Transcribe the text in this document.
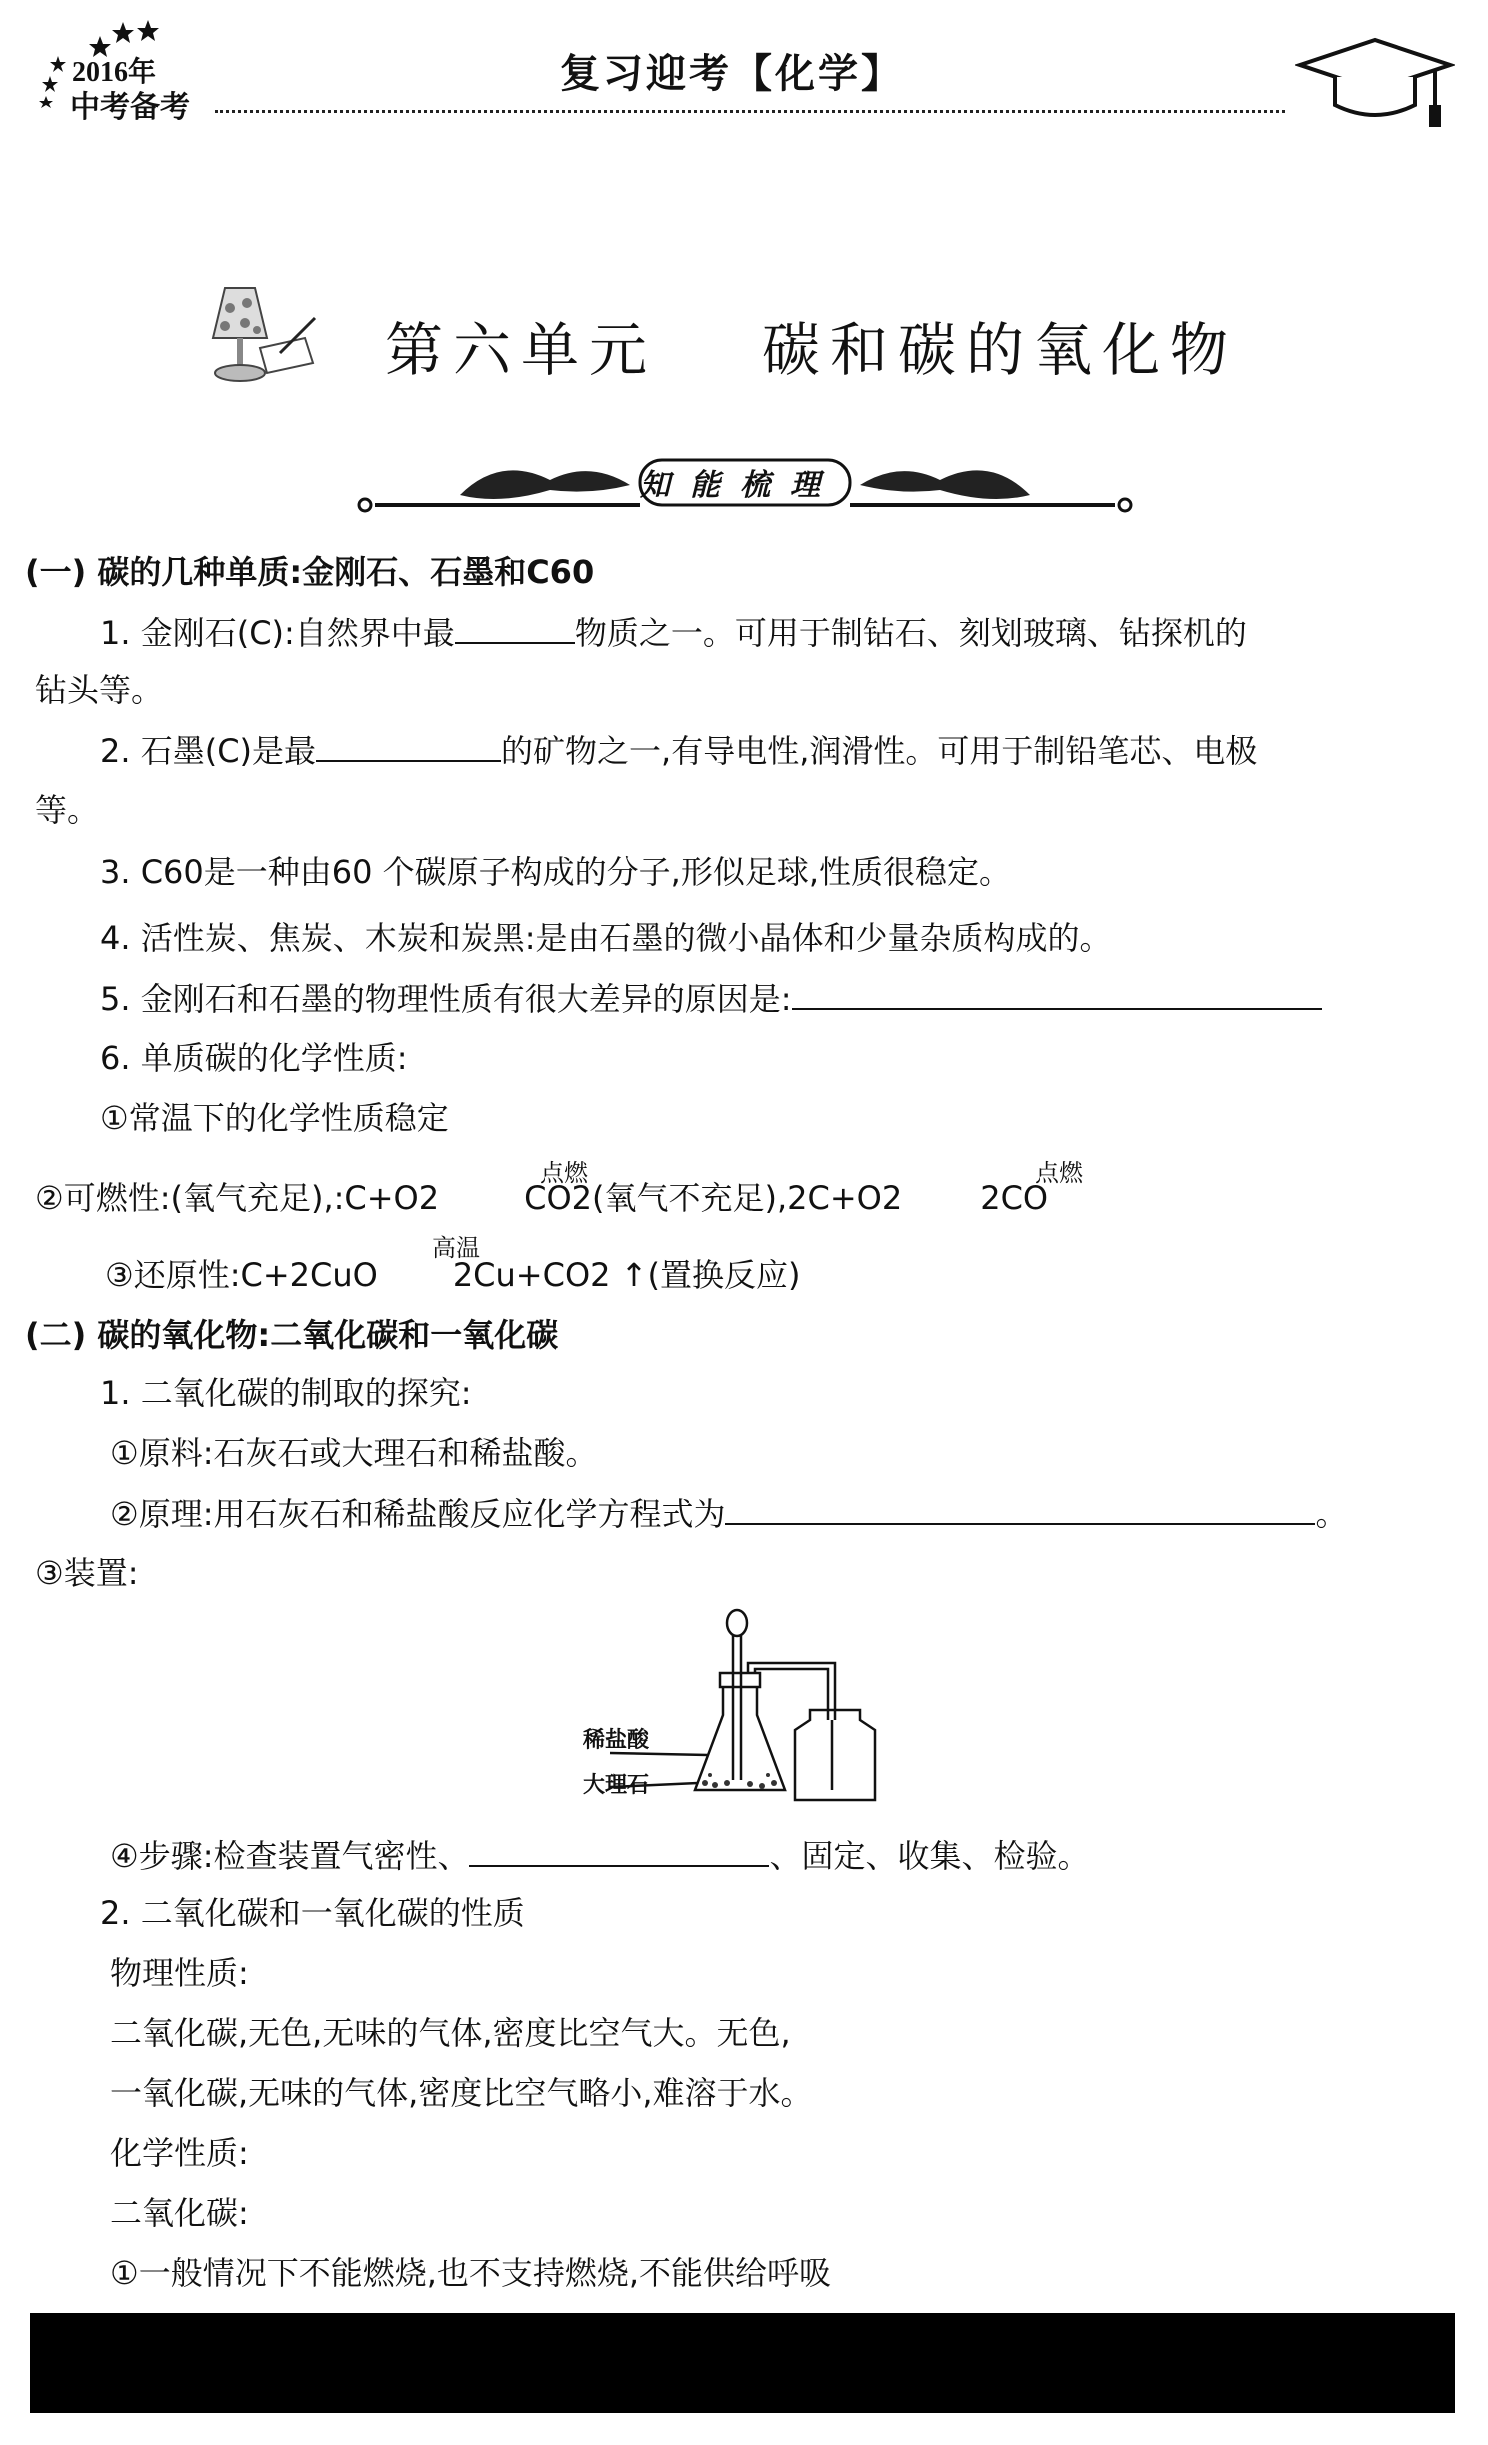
2016年
中考备考
复习迎考【化学】
第六单元 碳和碳的氧化物
知能梳理
(一) 碳的几种单质:金刚石、石墨和C60
1. 金刚石(C):自然界中最	物质之一。可用于制钻石、刻划玻璃、钻探机的
钻头等。
2. 石墨(C)是最	的矿物之一,有导电性,润滑性。可用于制铅笔芯、电极
等。
3. C60是一种由60 个碳原子构成的分子,形似足球,性质很稳定。
4. 活性炭、焦炭、木炭和炭黑:是由石墨的微小晶体和少量杂质构成的。
5. 金刚石和石墨的物理性质有很大差异的原因是:
6. 单质碳的化学性质:
①常温下的化学性质稳定
点燃	点燃
②可燃性:(氧气充足),:C+O2	CO2(氧气不充足),2C+O2 2CO
高温
③还原性:C+2CuO 2Cu+CO2 ↑(置换反应)
(二) 碳的氧化物:二氧化碳和一氧化碳
1. 二氧化碳的制取的探究:
①原料:石灰石或大理石和稀盐酸。
②原理:用石灰石和稀盐酸反应化学方程式为	。
③装置:
稀盐酸
大理石
④步骤:检查装置气密性、	、固定、收集、检验。
2. 二氧化碳和一氧化碳的性质
物理性质:
二氧化碳,无色,无味的气体,密度比空气大。无色,
一氧化碳,无味的气体,密度比空气略小,难溶于水。
化学性质:
二氧化碳:
①一般情况下不能燃烧,也不支持燃烧,不能供给呼吸
